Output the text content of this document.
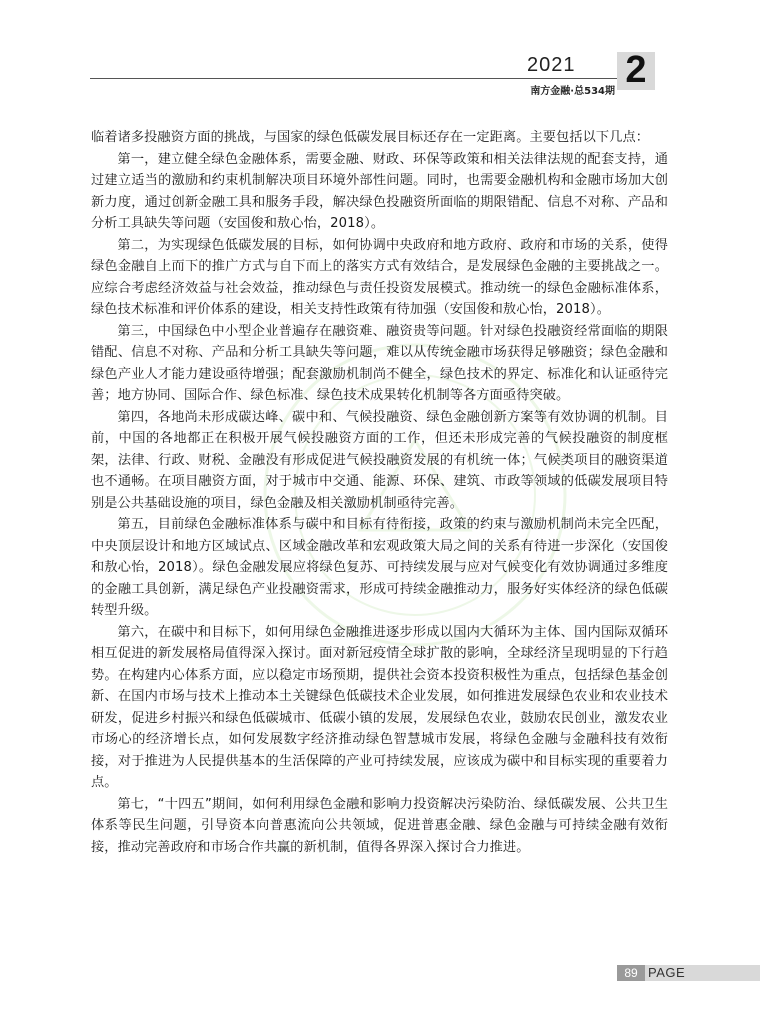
2021	2
南方金融·总534期

临着诸多投融资方面的挑战，与国家的绿色低碳发展目标还存在一定距离。主要包括以下几点：

第一，建立健全绿色金融体系，需要金融、财政、环保等政策和相关法律法规的配套支持，通过建立适当的激励和约束机制解决项目环境外部性问题。同时，也需要金融机构和金融市场加大创新力度，通过创新金融工具和服务手段，解决绿色投融资所面临的期限错配、信息不对称、产品和分析工具缺失等问题（安国俊和敖心怡，2018）。

第二，为实现绿色低碳发展的目标，如何协调中央政府和地方政府、政府和市场的关系，使得绿色金融自上而下的推广方式与自下而上的落实方式有效结合，是发展绿色金融的主要挑战之一。应综合考虑经济效益与社会效益，推动绿色与责任投资发展模式。推动统一的绿色金融标准体系，绿色技术标准和评价体系的建设，相关支持性政策有待加强（安国俊和敖心怡，2018）。

第三，中国绿色中小型企业普遍存在融资难、融资贵等问题。针对绿色投融资经常面临的期限错配、信息不对称、产品和分析工具缺失等问题，难以从传统金融市场获得足够融资；绿色金融和绿色产业人才能力建设亟待增强；配套激励机制尚不健全，绿色技术的界定、标准化和认证亟待完善；地方协同、国际合作、绿色标准、绿色技术成果转化机制等各方面亟待突破。

第四，各地尚未形成碳达峰、碳中和、气候投融资、绿色金融创新方案等有效协调的机制。目前，中国的各地都正在积极开展气候投融资方面的工作，但还未形成完善的气候投融资的制度框架，法律、行政、财税、金融没有形成促进气候投融资发展的有机统一体；气候类项目的融资渠道也不通畅。在项目融资方面，对于城市中交通、能源、环保、建筑、市政等领域的低碳发展项目特别是公共基础设施的项目，绿色金融及相关激励机制亟待完善。

第五，目前绿色金融标准体系与碳中和目标有待衔接，政策的约束与激励机制尚未完全匹配，中央顶层设计和地方区域试点、区域金融改革和宏观政策大局之间的关系有待进一步深化（安国俊和敖心怡，2018）。绿色金融发展应将绿色复苏、可持续发展与应对气候变化有效协调通过多维度的金融工具创新，满足绿色产业投融资需求，形成可持续金融推动力，服务好实体经济的绿色低碳转型升级。

第六，在碳中和目标下，如何用绿色金融推进逐步形成以国内大循环为主体、国内国际双循环相互促进的新发展格局值得深入探讨。面对新冠疫情全球扩散的影响，全球经济呈现明显的下行趋势。在构建内心体系方面，应以稳定市场预期，提供社会资本投资积极性为重点，包括绿色基金创新、在国内市场与技术上推动本土关键绿色低碳技术企业发展，如何推进发展绿色农业和农业技术研发，促进乡村振兴和绿色低碳城市、低碳小镇的发展，发展绿色农业，鼓励农民创业，激发农业市场心的经济增长点，如何发展数字经济推动绿色智慧城市发展，将绿色金融与金融科技有效衔接，对于推进为人民提供基本的生活保障的产业可持续发展，应该成为碳中和目标实现的重要着力点。

第七，“十四五”期间，如何利用绿色金融和影响力投资解决污染防治、绿低碳发展、公共卫生体系等民生问题，引导资本向普惠流向公共领域，促进普惠金融、绿色金融与可持续金融有效衔接，推动完善政府和市场合作共赢的新机制，值得各界深入探讨合力推进。

89 PAGE
